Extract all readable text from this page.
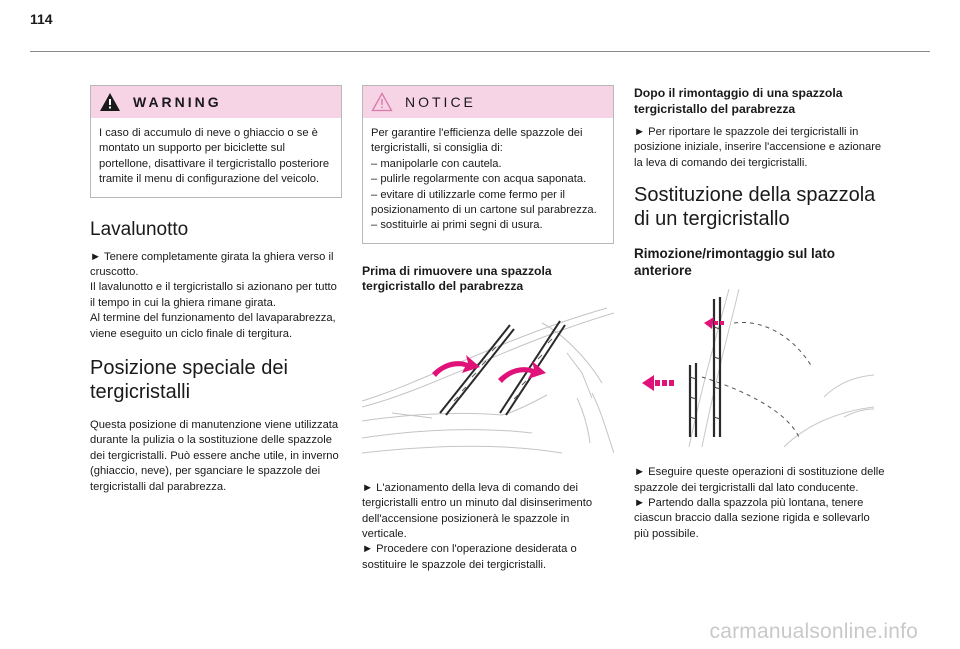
114
WARNING
I caso di accumulo di neve o ghiaccio o se è montato un supporto per biciclette sul portellone, disattivare il tergicristallo posteriore tramite il menu di configurazione del veicolo.
Lavalunotto

► Tenere completamente girata la ghiera verso il cruscotto.
Il lavalunotto e il tergicristallo si azionano per tutto il tempo in cui la ghiera rimane girata.
Al termine del funzionamento del lavaparabrezza, viene eseguito un ciclo finale di tergitura.

Posizione speciale dei tergicristalli

Questa posizione di manutenzione viene utilizzata durante la pulizia o la sostituzione delle spazzole dei tergicristalli. Può essere anche utile, in inverno (ghiaccio, neve), per sganciare le spazzole dei tergicristalli dal parabrezza.

NOTICE
Per garantire l'efficienza delle spazzole dei tergicristalli, si consiglia di:
– manipolarle con cautela.
– pulirle regolarmente con acqua saponata.
– evitare di utilizzarle come fermo per il posizionamento di un cartone sul parabrezza.
– sostituirle ai primi segni di usura.
Prima di rimuovere una spazzola tergicristallo del parabrezza

► L'azionamento della leva di comando dei tergicristalli entro un minuto dal disinserimento dell'accensione posizionerà le spazzole in verticale.
► Procedere con l'operazione desiderata o sostituire le spazzole dei tergicristalli.

Dopo il rimontaggio di una spazzola tergicristallo del parabrezza

► Per riportare le spazzole dei tergicristalli in posizione iniziale, inserire l'accensione e azionare la leva di comando dei tergicristalli.

Sostituzione della spazzola di un tergicristallo
Rimozione/rimontaggio sul lato anteriore

► Eseguire queste operazioni di sostituzione delle spazzole dei tergicristalli dal lato conducente.
► Partendo dalla spazzola più lontana, tenere ciascun braccio dalla sezione rigida e sollevarlo più possibile.

carmanualsonline.info
